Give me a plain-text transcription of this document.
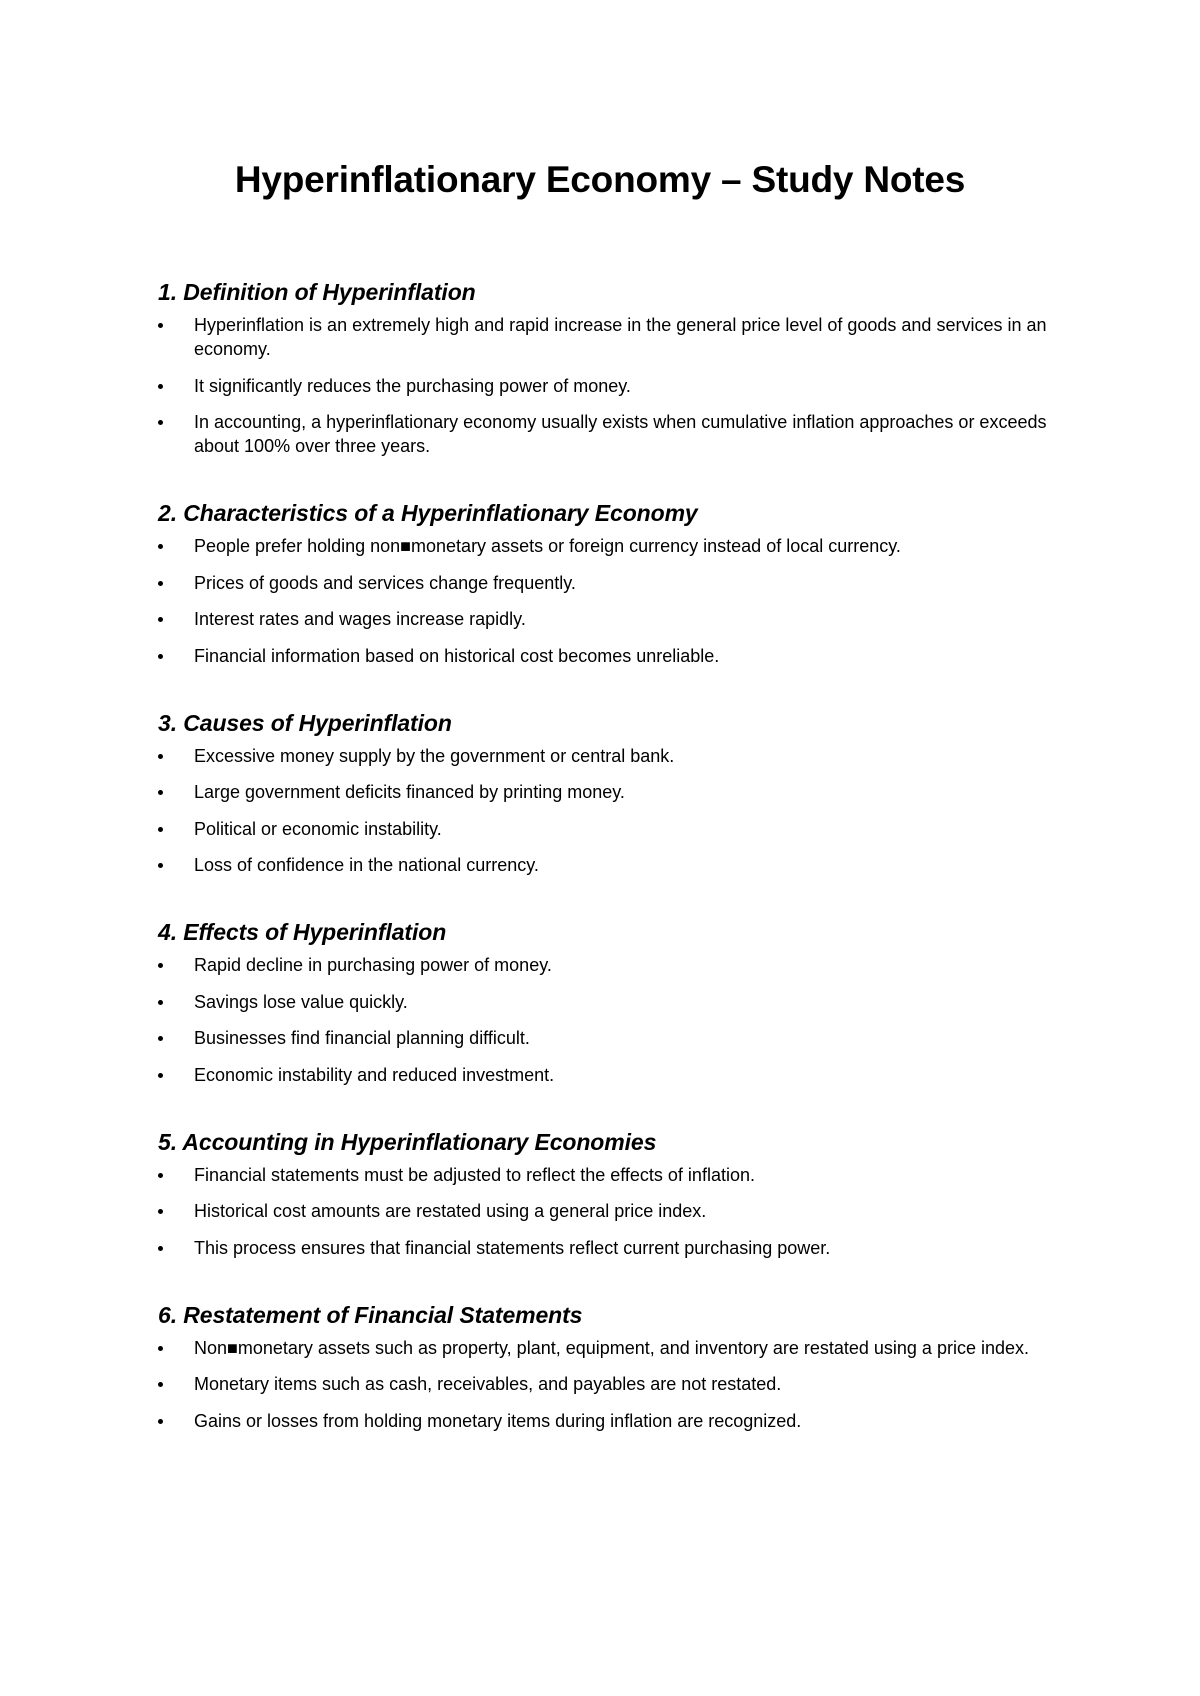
Hyperinflationary Economy – Study Notes
1. Definition of Hyperinflation
Hyperinflation is an extremely high and rapid increase in the general price level of goods and services in an economy.
It significantly reduces the purchasing power of money.
In accounting, a hyperinflationary economy usually exists when cumulative inflation approaches or exceeds about 100% over three years.
2. Characteristics of a Hyperinflationary Economy
People prefer holding non■monetary assets or foreign currency instead of local currency.
Prices of goods and services change frequently.
Interest rates and wages increase rapidly.
Financial information based on historical cost becomes unreliable.
3. Causes of Hyperinflation
Excessive money supply by the government or central bank.
Large government deficits financed by printing money.
Political or economic instability.
Loss of confidence in the national currency.
4. Effects of Hyperinflation
Rapid decline in purchasing power of money.
Savings lose value quickly.
Businesses find financial planning difficult.
Economic instability and reduced investment.
5. Accounting in Hyperinflationary Economies
Financial statements must be adjusted to reflect the effects of inflation.
Historical cost amounts are restated using a general price index.
This process ensures that financial statements reflect current purchasing power.
6. Restatement of Financial Statements
Non■monetary assets such as property, plant, equipment, and inventory are restated using a price index.
Monetary items such as cash, receivables, and payables are not restated.
Gains or losses from holding monetary items during inflation are recognized.
